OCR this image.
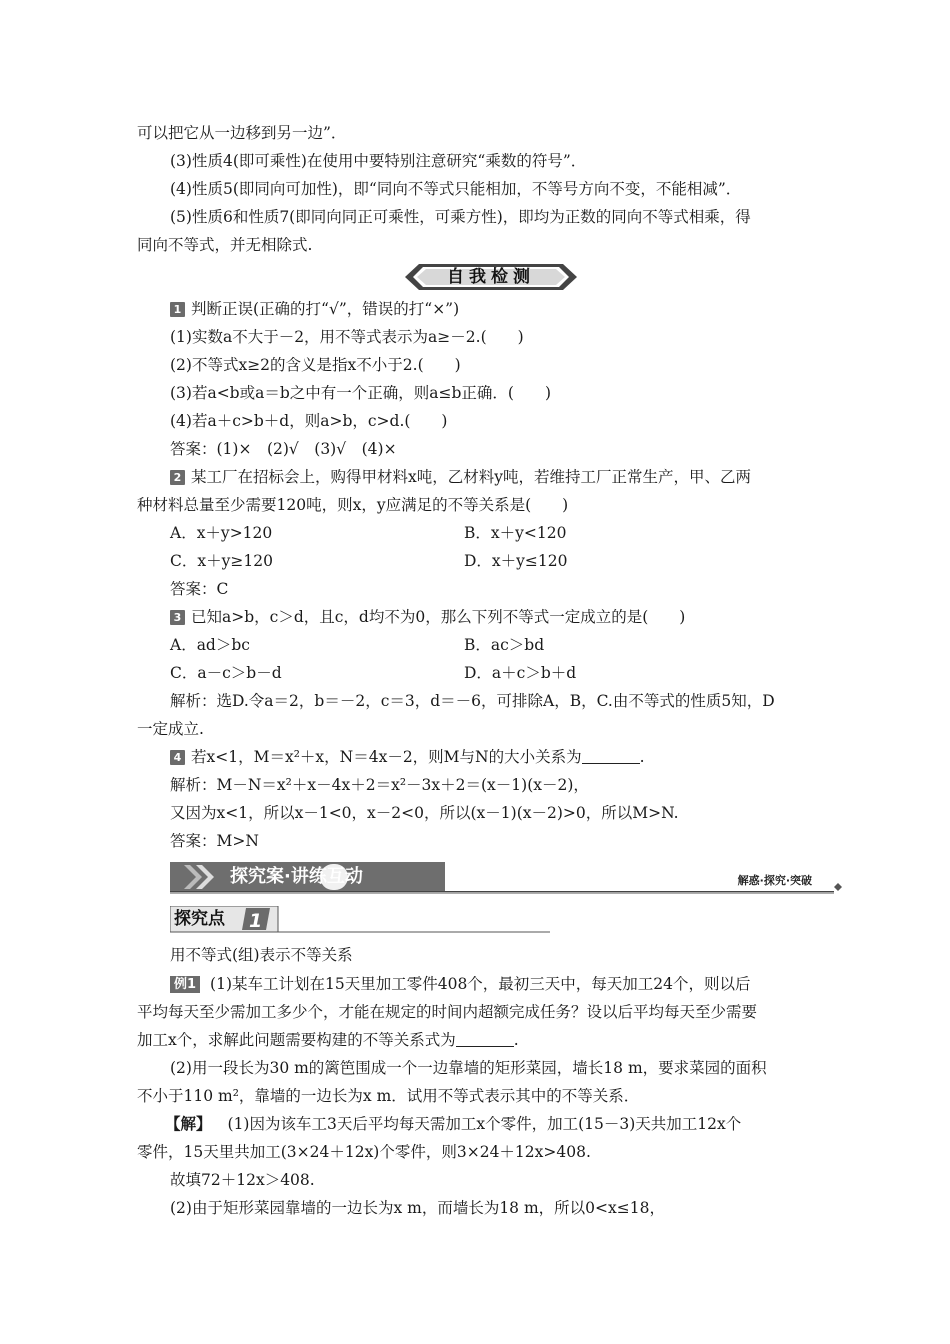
可以把它从一边移到另一边”．
(3)性质4(即可乘性)在使用中要特别注意研究“乘数的符号”．
(4)性质5(即同向可加性)，即“同向不等式只能相加，不等号方向不变，不能相减”．
(5)性质6和性质7(即同向同正可乘性，可乘方性)，即均为正数的同向不等式相乘，得
同向不等式，并无相除式.
自我检测
1 判断正误(正确的打“√”，错误的打“×”)
(1)实数a不大于－2，用不等式表示为a≥－2.(　　)
(2)不等式x≥2的含义是指x不小于2.(　　)
(3)若a<b或a＝b之中有一个正确，则a≤b正确．(　　)
(4)若a＋c>b＋d，则a>b，c>d.(　　)
答案：(1)×　(2)√　(3)√　(4)×
2 某工厂在招标会上，购得甲材料x吨，乙材料y吨，若维持工厂正常生产，甲、乙两
种材料总量至少需要120吨，则x，y应满足的不等关系是(　　)
A．x＋y>120	B．x＋y<120
C．x＋y≥120	D．x＋y≤120
答案：C
3 已知a>b，c＞d，且c，d均不为0，那么下列不等式一定成立的是(　　)
A．ad＞bc	B．ac＞bd
C．a－c＞b－d	D．a＋c＞b＋d
解析：选D.令a＝2，b＝－2，c＝3，d＝－6，可排除A，B，C.由不等式的性质5知，D
一定成立.
4 若x<1，M＝x²＋x，N＝4x－2，则M与N的大小关系为	.
解析：M－N＝x²＋x－4x＋2＝x²－3x＋2＝(x－1)(x－2)，
又因为x<1，所以x－1<0，x－2<0，所以(x－1)(x－2)>0，所以M>N.
答案：M>N
探究案·讲练互动	解惑·探究·突破
探究点 1
用不等式(组)表示不等关系
例1 (1)某车工计划在15天里加工零件408个，最初三天中，每天加工24个，则以后
平均每天至少需加工多少个，才能在规定的时间内超额完成任务？设以后平均每天至少需要
加工x个，求解此问题需要构建的不等关系式为	.
(2)用一段长为30 m的篱笆围成一个一边靠墙的矩形菜园，墙长18 m，要求菜园的面积
不小于110 m²，靠墙的一边长为x m．试用不等式表示其中的不等关系．
【解】 (1)因为该车工3天后平均每天需加工x个零件，加工(15－3)天共加工12x个
零件，15天里共加工(3×24＋12x)个零件，则3×24＋12x>408.
故填72＋12x＞408.
(2)由于矩形菜园靠墙的一边长为x m，而墙长为18 m，所以0<x≤18，
